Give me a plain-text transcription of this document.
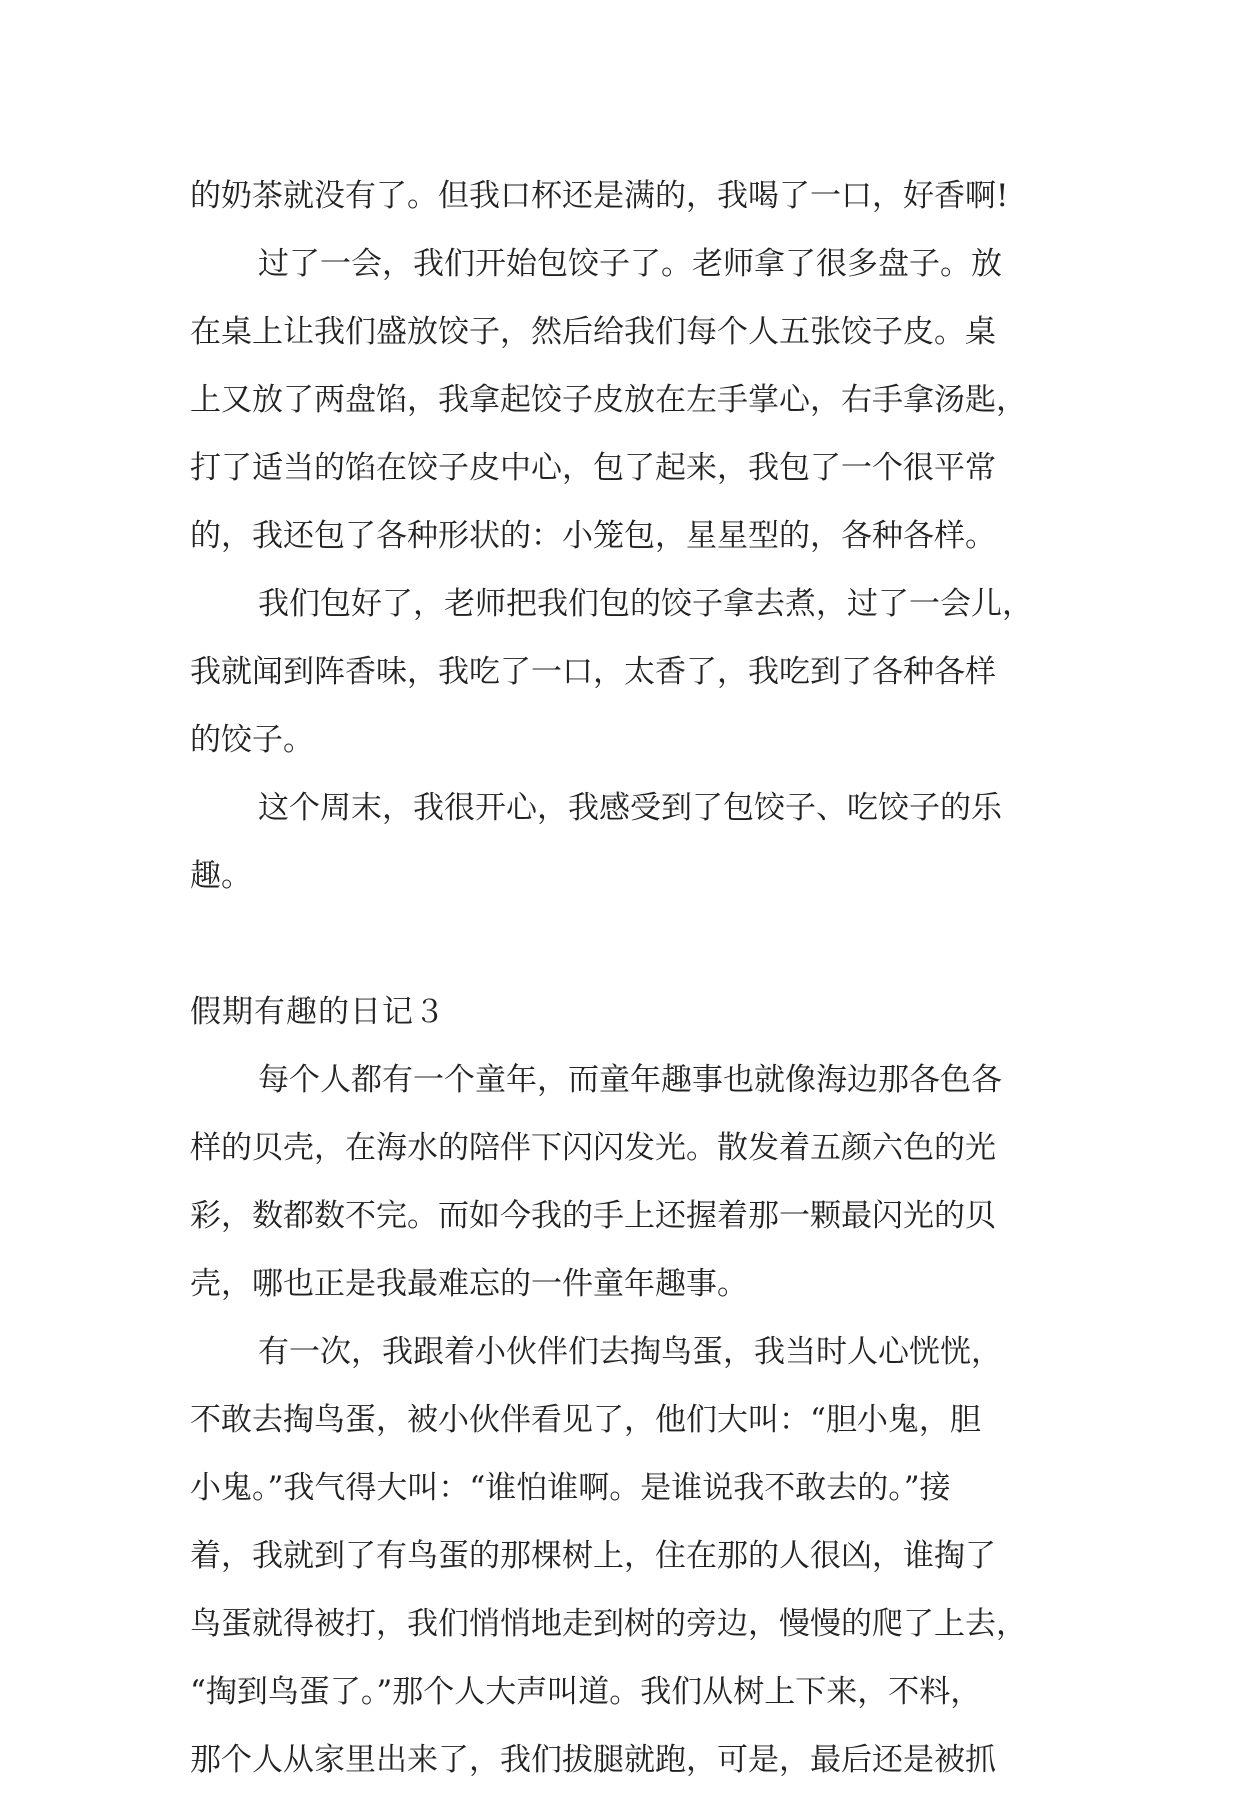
的奶茶就没有了。但我口杯还是满的，我喝了一口，好香啊!
过了一会，我们开始包饺子了。老师拿了很多盘子。放
在桌上让我们盛放饺子，然后给我们每个人五张饺子皮。桌
上又放了两盘馅，我拿起饺子皮放在左手掌心，右手拿汤匙，
打了适当的馅在饺子皮中心，包了起来，我包了一个很平常
的，我还包了各种形状的：小笼包，星星型的，各种各样。
我们包好了，老师把我们包的饺子拿去煮，过了一会儿，
我就闻到阵香味，我吃了一口，太香了，我吃到了各种各样
的饺子。
这个周末，我很开心，我感受到了包饺子、吃饺子的乐
趣。
假期有趣的日记３
每个人都有一个童年，而童年趣事也就像海边那各色各
样的贝壳，在海水的陪伴下闪闪发光。散发着五颜六色的光
彩，数都数不完。而如今我的手上还握着那一颗最闪光的贝
壳，哪也正是我最难忘的一件童年趣事。
有一次，我跟着小伙伴们去掏鸟蛋，我当时人心恍恍，
不敢去掏鸟蛋，被小伙伴看见了，他们大叫：“胆小鬼，胆
小鬼。”我气得大叫：“谁怕谁啊。是谁说我不敢去的。”接
着，我就到了有鸟蛋的那棵树上，住在那的人很凶，谁掏了
鸟蛋就得被打，我们悄悄地走到树的旁边，慢慢的爬了上去，
“掏到鸟蛋了。”那个人大声叫道。我们从树上下来，不料，
那个人从家里出来了，我们拔腿就跑，可是，最后还是被抓
